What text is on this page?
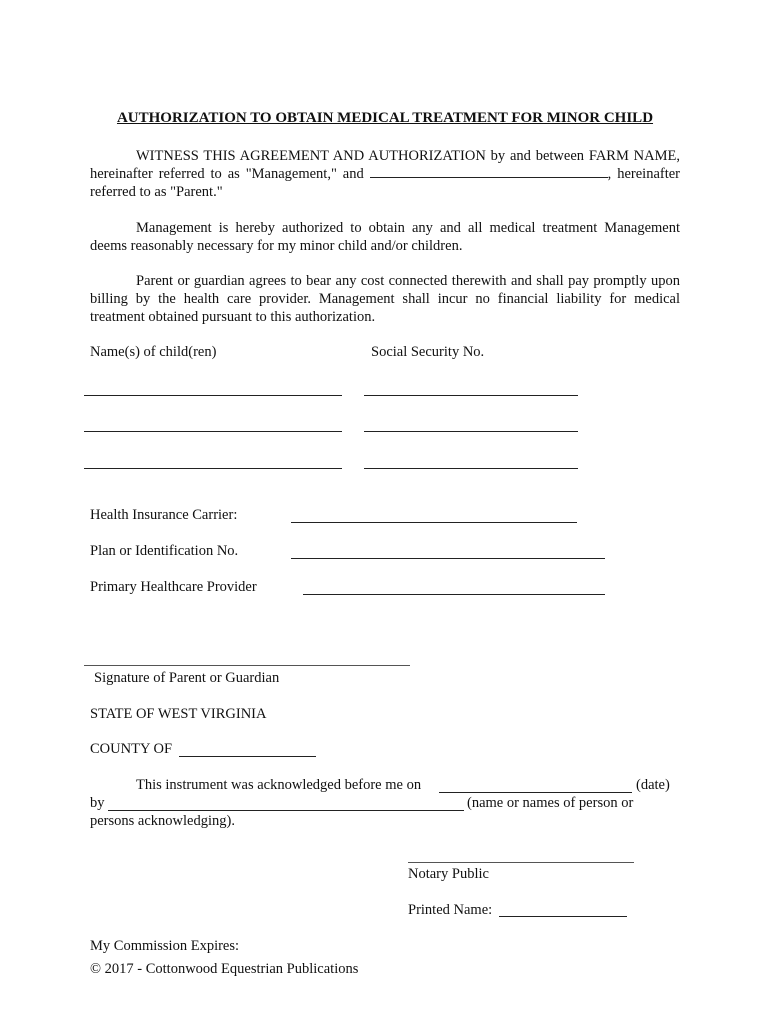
AUTHORIZATION TO OBTAIN MEDICAL TREATMENT FOR MINOR CHILD
WITNESS THIS AGREEMENT AND AUTHORIZATION by and between FARM NAME, hereinafter referred to as "Management," and	, hereinafter referred to as "Parent."
Management is hereby authorized to obtain any and all medical treatment Management deems reasonably necessary for my minor child and/or children.
Parent or guardian agrees to bear any cost connected therewith and shall pay promptly upon billing by the health care provider. Management shall incur no financial liability for medical treatment obtained pursuant to this authorization.
Name(s) of child(ren)	Social Security No.
Health Insurance Carrier:
Plan or Identification No.
Primary Healthcare Provider
Signature of Parent or Guardian
STATE OF WEST VIRGINIA
COUNTY OF
This instrument was acknowledged before me on	(date)
by	(name or names of person or
persons acknowledging).
Notary Public
Printed Name:
My Commission Expires:
© 2017 - Cottonwood Equestrian Publications
